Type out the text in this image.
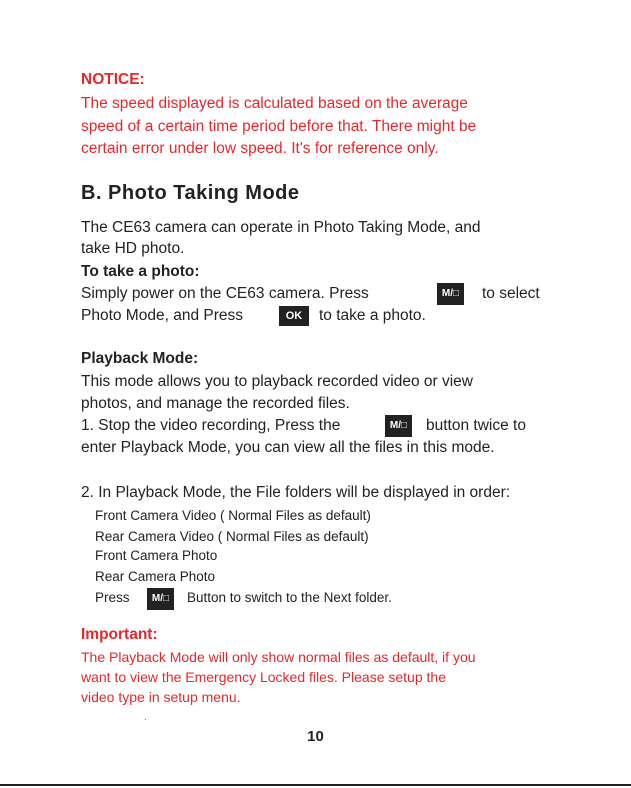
NOTICE:
The speed displayed is calculated based on the average
speed of a certain time period before that. There might be
certain error under low speed. It's for reference only.
B. Photo Taking Mode
The CE63 camera can operate in Photo Taking Mode, and
take HD photo.
To take a photo:
Simply power on the CE63 camera. Press	M/□	to select
Photo Mode, and Press	OK	to take a photo.
Playback Mode:
This mode allows you to playback recorded video or view
photos, and manage the recorded files.
1. Stop the video recording, Press the	M/□	button twice to
enter Playback Mode, you can view all the files in this mode.
2. In Playback Mode, the File folders will be displayed in order:
Front Camera Video ( Normal Files as default)
Rear Camera Video ( Normal Files as default)
Front Camera Photo
Rear Camera Photo
Press	M/□	Button to switch to the Next folder.
Important:
The Playback Mode will only show normal files as default, if you
want to view the Emergency Locked files. Please setup the
video type in setup menu.
.
10
